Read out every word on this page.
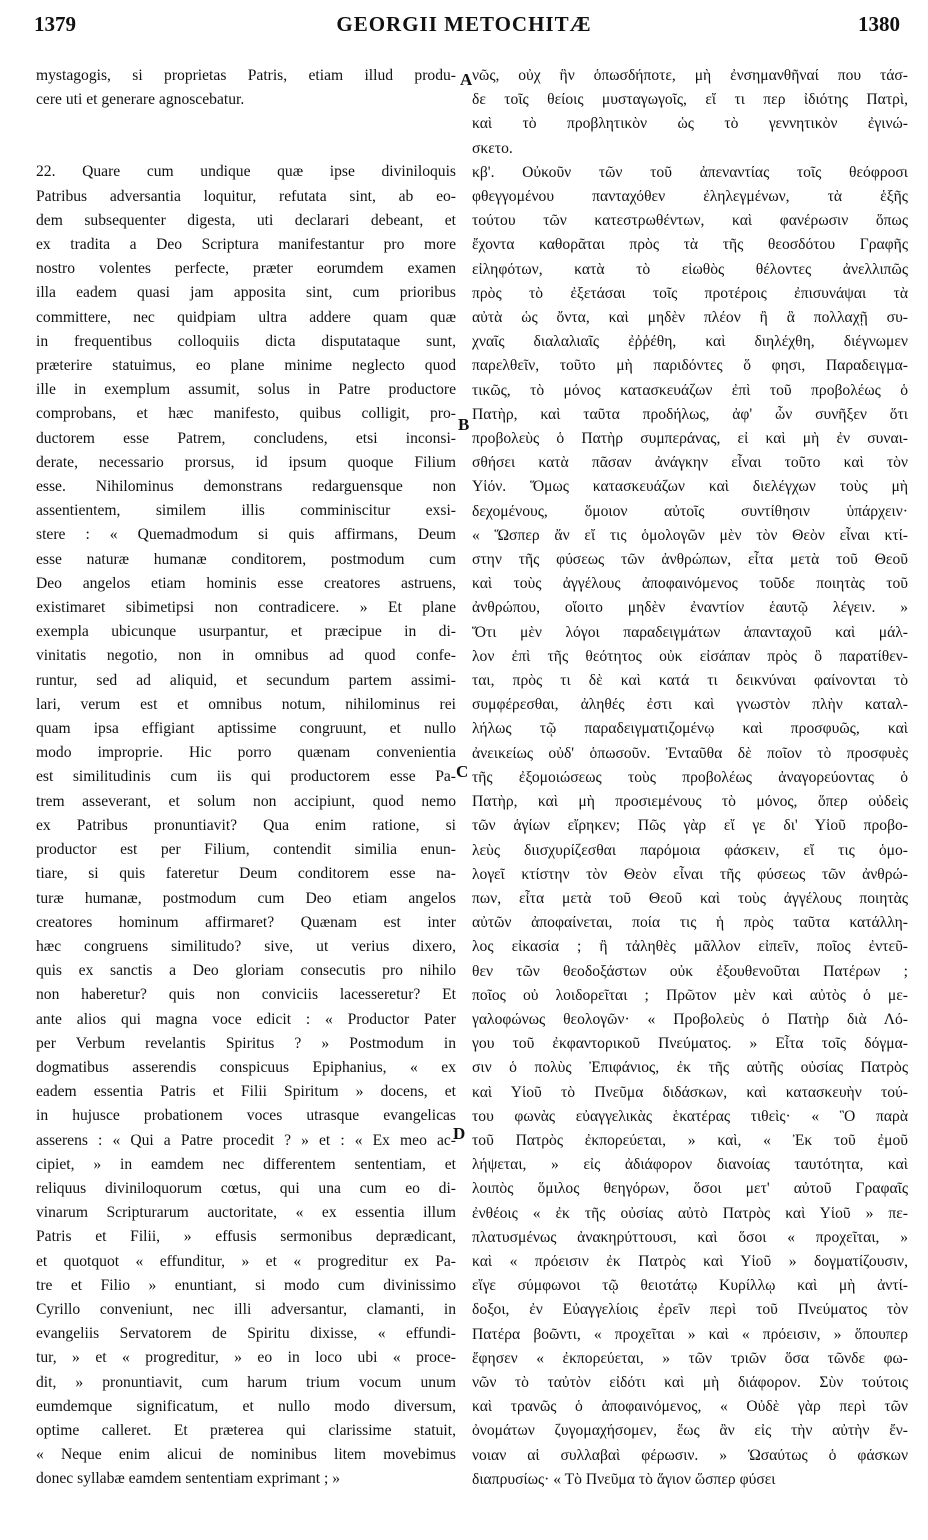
1379	GEORGII METOCHITÆ	1380

mystagogis, si proprietas Patris, etiam illud produ-

cere uti et generare agnoscebatur.

22. Quare cum undique quæ ipse diviniloquis

Patribus adversantia loquitur, refutata sint, ab eo-

dem subsequenter digesta, uti declarari debeant, et

ex tradita a Deo Scriptura manifestantur pro more

nostro volentes perfecte, præter eorumdem examen

illa eadem quasi jam apposita sint, cum prioribus

committere, nec quidpiam ultra addere quam quæ

in frequentibus colloquiis dicta disputataque sunt,

præterire statuimus, eo plane minime neglecto quod

ille in exemplum assumit, solus in Patre productore

comprobans, et hæc manifesto, quibus colligit, pro-

ductorem esse Patrem, concludens, etsi inconsi-

derate, necessario prorsus, id ipsum quoque Filium

esse. Nihilominus demonstrans redarguensque non

assentientem, similem illis comminiscitur exsi-

stere : « Quemadmodum si quis affirmans, Deum

esse naturæ humanæ conditorem, postmodum cum

Deo angelos etiam hominis esse creatores astruens,

existimaret sibimetipsi non contradicere. » Et plane

exempla ubicunque usurpantur, et præcipue in di-

vinitatis negotio, non in omnibus ad quod confe-

runtur, sed ad aliquid, et secundum partem assimi-

lari, verum est et omnibus notum, nihilominus rei

quam ipsa effigiant aptissime congruunt, et nullo

modo improprie. Hic porro quænam convenientia

est similitudinis cum iis qui productorem esse Pa-

trem asseverant, et solum non accipiunt, quod nemo

ex Patribus pronuntiavit? Qua enim ratione, si

productor est per Filium, contendit similia enun-

tiare, si quis fateretur Deum conditorem esse na-

turæ humanæ, postmodum cum Deo etiam angelos

creatores hominum affirmaret? Quænam est inter

hæc congruens similitudo? sive, ut verius dixero,

quis ex sanctis a Deo gloriam consecutis pro nihilo

non haberetur? quis non conviciis lacesseretur? Et

ante alios qui magna voce edicit : « Productor Pater

per Verbum revelantis Spiritus ? » Postmodum in

dogmatibus asserendis conspicuus Epiphanius, « ex

eadem essentia Patris et Filii Spiritum » docens, et

in hujusce probationem voces utrasque evangelicas

asserens : « Qui a Patre procedit ? » et : « Ex meo ac-

cipiet, » in eamdem nec differentem sententiam, et

reliquus diviniloquorum cœtus, qui una cum eo di-

vinarum Scripturarum auctoritate, « ex essentia illum

Patris et Filii, » effusis sermonibus deprædicant,

et quotquot « effunditur, » et « progreditur ex Pa-

tre et Filio » enuntiant, si modo cum divinissimo

Cyrillo conveniunt, nec illi adversantur, clamanti, in

evangeliis Servatorem de Spiritu dixisse, « effundi-

tur, » et « progreditur, » eo in loco ubi « proce-

dit, » pronuntiavit, cum harum trium vocum unum

eumdemque significatum, et nullo modo diversum,

optime calleret. Et præterea qui clarissime statuit,

« Neque enim alicui de nominibus litem movebimus

donec syllabæ eamdem sententiam exprimant ; »

νῶς, οὐχ ἣν ὁπωσδήποτε, μὴ ἐνσημανθῆναί που τάσ-

δε τοῖς θείοις μυσταγωγοῖς, εἴ τι περ ἰδιότης Πατρὶ,

καὶ τὸ προβλητικὸν ὡς τὸ γεννητικὸν ἐγινώ-

σκετο.

κβ'. Οὐκοῦν τῶν τοῦ ἀπεναντίας τοῖς θεόφροσι

φθεγγομένου πανταχόθεν ἐληλεγμένων, τὰ ἑξῆς

τούτου τῶν κατεστρωθέντων, καὶ φανέρωσιν ὅπως

ἔχοντα καθορᾶται πρὸς τὰ τῆς θεοσδότου Γραφῆς

εἰληφότων, κατὰ τὸ εἰωθὸς θέλοντες ἀνελλιπῶς

πρὸς τὸ ἐξετάσαι τοῖς προτέροις ἐπισυνάψαι τὰ

αὐτὰ ὡς ὄντα, καὶ μηδὲν πλέον ἢ ἃ πολλαχῇ συ-

χναῖς διαλαλιαῖς ἐῤῥέθη, καὶ διηλέχθη, διέγνωμεν

παρελθεῖν, τοῦτο μὴ παριδόντες ὅ φησι, Παραδειγμα-

τικῶς, τὸ μόνος κατασκευάζων ἐπὶ τοῦ προβολέως ὁ

Πατὴρ, καὶ ταῦτα προδήλως, ἀφ' ὧν συνῆξεν ὅτι

προβολεὺς ὁ Πατὴρ συμπεράνας, εἰ καὶ μὴ ἐν συναι-

σθήσει κατὰ πᾶσαν ἀνάγκην εἶναι τοῦτο καὶ τὸν

Υἱόν. Ὅμως κατασκευάζων καὶ διελέγχων τοὺς μὴ

δεχομένους, ὅμοιον αὐτοῖς συντίθησιν ὑπάρχειν·

« Ὥσπερ ἄν εἴ τις ὁμολογῶν μὲν τὸν Θεὸν εἶναι κτί-

στην τῆς φύσεως τῶν ἀνθρώπων, εἶτα μετὰ τοῦ Θεοῦ

καὶ τοὺς ἀγγέλους ἀποφαινόμενος τοῦδε ποιητὰς τοῦ

ἀνθρώπου, οἴοιτο μηδὲν ἐναντίον ἑαυτῷ λέγειν. »

Ὅτι μὲν λόγοι παραδειγμάτων ἁπανταχοῦ καὶ μάλ-

λον ἐπὶ τῆς θεότητος οὐκ εἰσάπαν πρὸς ὃ παρατίθεν-

ται, πρὸς τι δὲ καὶ κατά τι δεικνύναι φαίνονται τὸ

συμφέρεσθαι, ἀληθές ἐστι καὶ γνωστὸν πλὴν καταλ-

λήλως τῷ παραδειγματιζομένῳ καὶ προσφυῶς, καὶ

ἀνεικείως οὐδ' ὁπωσοῦν. Ἐνταῦθα δὲ ποῖον τὸ προσφυὲς

τῆς ἐξομοιώσεως τοὺς προβολέως ἀναγορεύοντας ὁ

Πατὴρ, καὶ μὴ προσιεμένους τὸ μόνος, ὅπερ οὐδεὶς

τῶν ἁγίων εἴρηκεν; Πῶς γὰρ εἴ γε δι' Υἱοῦ προβο-

λεὺς διισχυρίζεσθαι παρόμοια φάσκειν, εἴ τις ὁμο-

λογεῖ κτίστην τὸν Θεὸν εἶναι τῆς φύσεως τῶν ἀνθρώ-

πων, εἶτα μετὰ τοῦ Θεοῦ καὶ τοὺς ἀγγέλους ποιητὰς

αὐτῶν ἀποφαίνεται, ποία τις ἡ πρὸς ταῦτα κατάλλη-

λος εἰκασία ; ἢ τἀληθὲς μᾶλλον εἰπεῖν, ποῖος ἐντεῦ-

θεν τῶν θεοδοξάστων οὐκ ἐξουθενοῦται Πατέρων ;

ποῖος οὐ λοιδορεῖται ; Πρῶτον μὲν καὶ αὐτὸς ὁ με-

γαλοφώνως θεολογῶν· « Προβολεὺς ὁ Πατὴρ διὰ Λό-

γου τοῦ ἐκφαντορικοῦ Πνεύματος. » Εἶτα τοῖς δόγμα-

σιν ὁ πολὺς Ἐπιφάνιος, ἐκ τῆς αὐτῆς οὐσίας Πατρὸς

καὶ Υἱοῦ τὸ Πνεῦμα διδάσκων, καὶ κατασκευὴν τού-

του φωνὰς εὐαγγελικὰς ἑκατέρας τιθεὶς· « Ὃ παρὰ

τοῦ Πατρὸς ἐκπορεύεται, » καὶ, « Ἐκ τοῦ ἐμοῦ

λήψεται, » εἰς ἀδιάφορον διανοίας ταυτότητα, καὶ

λοιπὸς ὅμιλος θεηγόρων, ὅσοι μετ' αὐτοῦ Γραφαῖς

ἐνθέοις « ἐκ τῆς οὐσίας αὐτὸ Πατρὸς καὶ Υἱοῦ » πε-

πλατυσμένως ἀνακηρύττουσι, καὶ ὅσοι « προχεῖται, »

καὶ « πρόεισιν ἐκ Πατρὸς καὶ Υἱοῦ » δογματίζουσιν,

εἴγε σύμφωνοι τῷ θειοτάτῳ Κυρίλλῳ καὶ μὴ ἀντί-

δοξοι, ἐν Εὐαγγελίοις ἐρεῖν περὶ τοῦ Πνεύματος τὸν

Πατέρα βοῶντι, « προχεῖται » καὶ « πρόεισιν, » ὅπουπερ

ἔφησεν « ἐκπορεύεται, » τῶν τριῶν ὅσα τῶνδε φω-

νῶν τὸ ταὐτὸν εἰδότι καὶ μὴ διάφορον. Σὺν τούτοις

καὶ τρανῶς ὁ ἀποφαινόμενος, « Οὐδὲ γὰρ περὶ τῶν

ὀνομάτων ζυγομαχήσομεν, ἕως ἂν εἰς τὴν αὐτὴν ἔν-

νοιαν αἱ συλλαβαὶ φέρωσιν. » Ὡσαύτως ὁ φάσκων

διαπρυσίως· « Τὸ Πνεῦμα τὸ ἅγιον ὥσπερ φύσει

A
B
C
D
